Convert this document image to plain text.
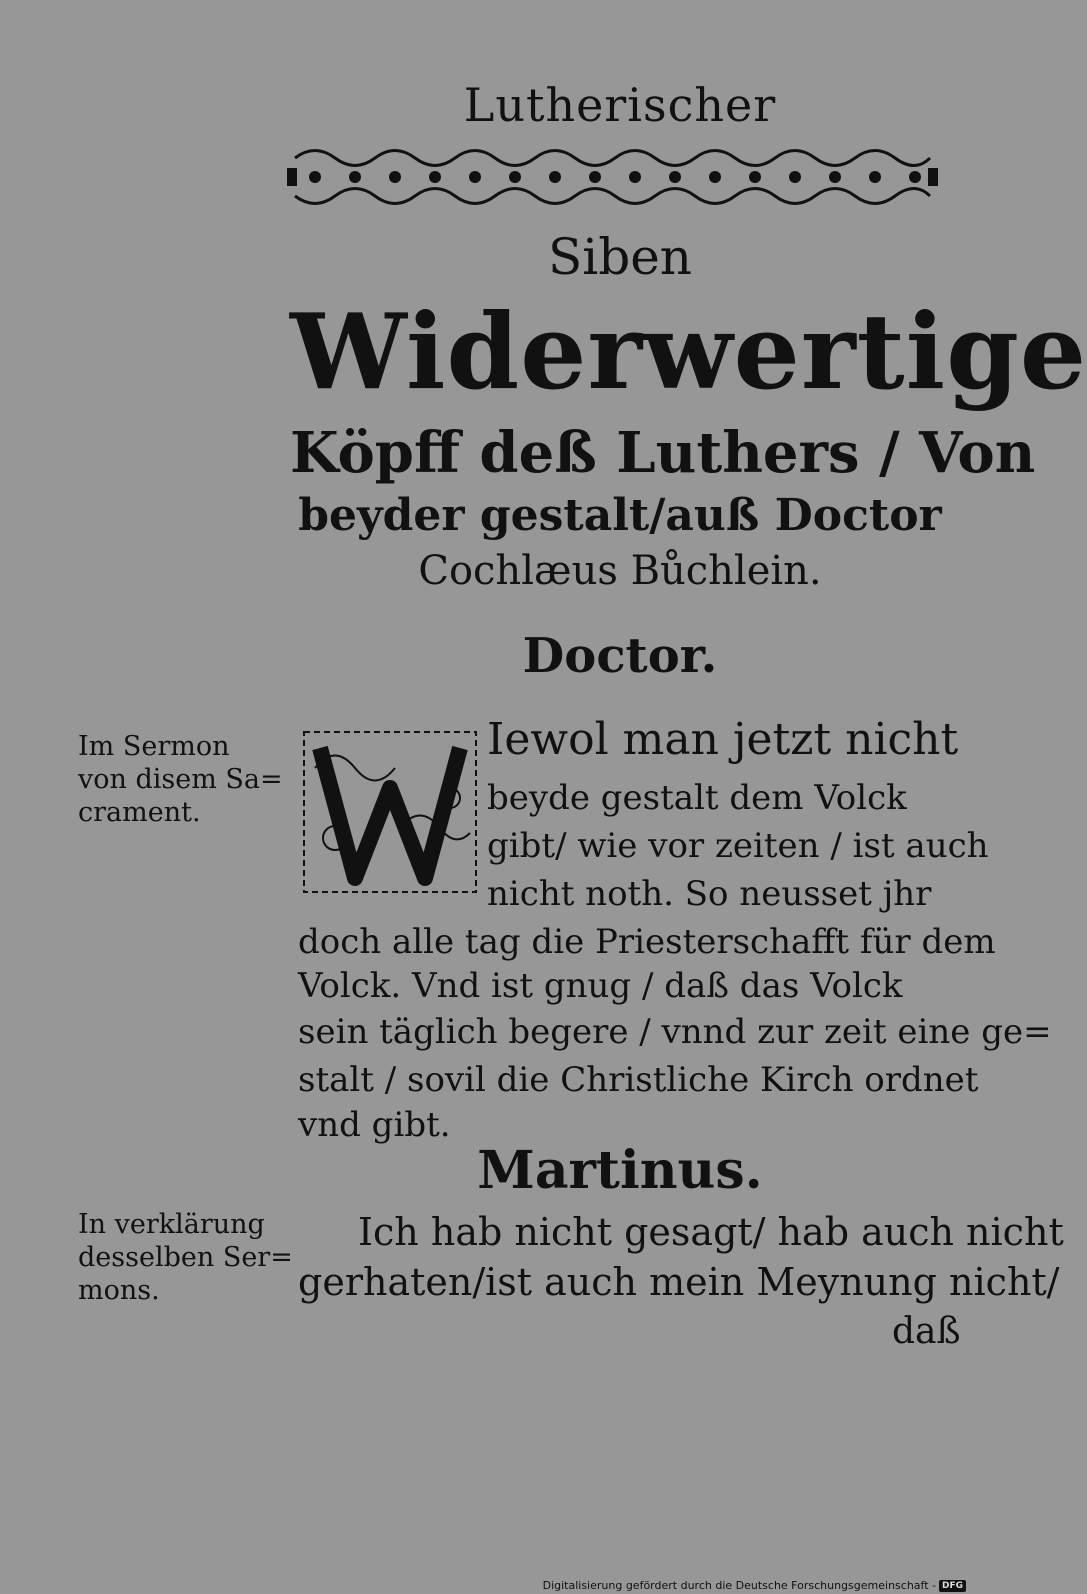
Lutherischer
Siben
Widerwertige
Köpff deß Luthers / Von
beyder gestalt/auß Doctor
Cochlæus Bůchlein.
Doctor.
Im Sermon
von disem Sa=
crament.
Iewol man jetzt nicht
beyde gestalt dem Volck
gibt/ wie vor zeiten / ist auch
nicht noth. So neusset jhr
doch alle tag die Priesterschafft für dem
Volck. Vnd ist gnug / daß das Volck
sein täglich begere / vnnd zur zeit eine ge=
stalt / sovil die Christliche Kirch ordnet
vnd gibt.
Martinus.
In verklärung
desselben Ser=
mons.
Ich hab nicht gesagt/ hab auch nicht
gerhaten/ist auch mein Meynung nicht/
daß
Digitalisierung gefördert durch die Deutsche Forschungsgemeinschaft - DFG
